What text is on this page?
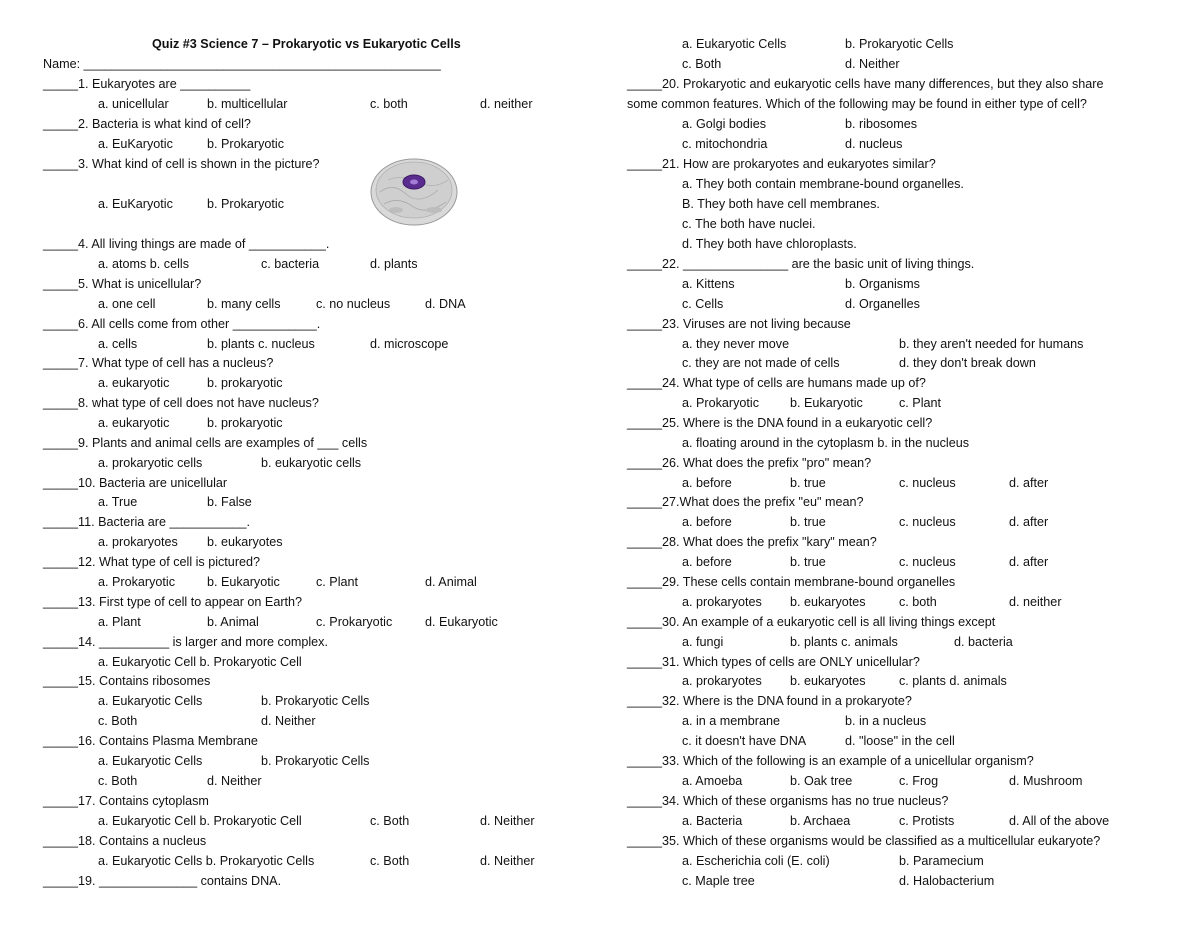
Quiz #3 Science 7 – Prokaryotic vs Eukaryotic Cells
Name: ___________________________________________________
_____1. Eukaryotes are __________
a. unicellular	b. multicellular	c. both	d. neither
_____2. Bacteria is what kind of cell?
a. EuKaryotic	b. Prokaryotic
_____3. What kind of cell is shown in the picture?
a. EuKaryotic	b. Prokaryotic
_____4. All living things are made of ___________.
a. atoms b. cells	c. bacteria	d. plants
_____5. What is unicellular?
a. one cell	b. many cells	c. no nucleus	d. DNA
_____6. All cells come from other ____________.
a. cells	b. plants c. nucleus	d. microscope
_____7. What type of cell has a nucleus?
a. eukaryotic	b. prokaryotic
_____8. what type of cell does not have nucleus?
a. eukaryotic	b. prokaryotic
_____9. Plants and animal cells are examples of ___ cells
a. prokaryotic cells	b. eukaryotic cells
_____10. Bacteria are unicellular
a. True	b. False
_____11. Bacteria are ___________.
a. prokaryotes b. eukaryotes
_____12. What type of cell is pictured?
a. Prokaryotic	b. Eukaryotic	c. Plant	d. Animal
_____13. First type of cell to appear on Earth?
a. Plant	b. Animal	c. Prokaryotic	d. Eukaryotic
_____14. __________ is larger and more complex.
a. Eukaryotic Cell b. Prokaryotic Cell
_____15. Contains ribosomes
a. Eukaryotic Cells	b. Prokaryotic Cells
c. Both	d. Neither
_____16. Contains Plasma Membrane
a. Eukaryotic Cells	b. Prokaryotic Cells
c. Both	d. Neither
_____17. Contains cytoplasm
a. Eukaryotic Cell b. Prokaryotic Cell	c. Both	d. Neither
_____18. Contains a nucleus
a. Eukaryotic Cells b. Prokaryotic Cells	c. Both	d. Neither
_____19. ______________ contains DNA.
a. Eukaryotic Cells	b. Prokaryotic Cells
c. Both	d. Neither
_____20. Prokaryotic and eukaryotic cells have many differences, but they also share
some common features. Which of the following may be found in either type of cell?
a. Golgi bodies	b. ribosomes
c. mitochondria	d. nucleus
_____21. How are prokaryotes and eukaryotes similar?
a. They both contain membrane-bound organelles.
B. They both have cell membranes.
c. The both have nuclei.
d. They both have chloroplasts.
_____22. _______________ are the basic unit of living things.
a. Kittens	b. Organisms
c. Cells	d. Organelles
_____23. Viruses are not living because
a. they never move	b. they aren't needed for humans
c. they are not made of cells	d. they don't break down
_____24. What type of cells are humans made up of?
a. Prokaryotic b. Eukaryotic	c. Plant
_____25. Where is the DNA found in a eukaryotic cell?
a. floating around in the cytoplasm b. in the nucleus
_____26. What does the prefix "pro" mean?
a. before	b. true	c. nucleus	d. after
_____27.What does the prefix "eu" mean?
a. before	b. true	c. nucleus	d. after
_____28. What does the prefix "kary" mean?
a. before	b. true	c. nucleus	d. after
_____29. These cells contain membrane-bound organelles
a. prokaryotes b. eukaryotes	c. both	d. neither
_____30. An example of a eukaryotic cell is all living things except
a. fungi	b. plants c. animals	d. bacteria
_____31. Which types of cells are ONLY unicellular?
a. prokaryotes b. eukaryotes	c. plants d. animals
_____32. Where is the DNA found in a prokaryote?
a. in a membrane	b. in a nucleus
c. it doesn't have DNA	d. "loose" in the cell
_____33. Which of the following is an example of a unicellular organism?
a. Amoeba	b. Oak tree	c. Frog	d. Mushroom
_____34. Which of these organisms has no true nucleus?
a. Bacteria	b. Archaea	c. Protists	d. All of the above
_____35. Which of these organisms would be classified as a multicellular eukaryote?
a. Escherichia coli (E. coli)	b. Paramecium
c. Maple tree	d. Halobacterium
